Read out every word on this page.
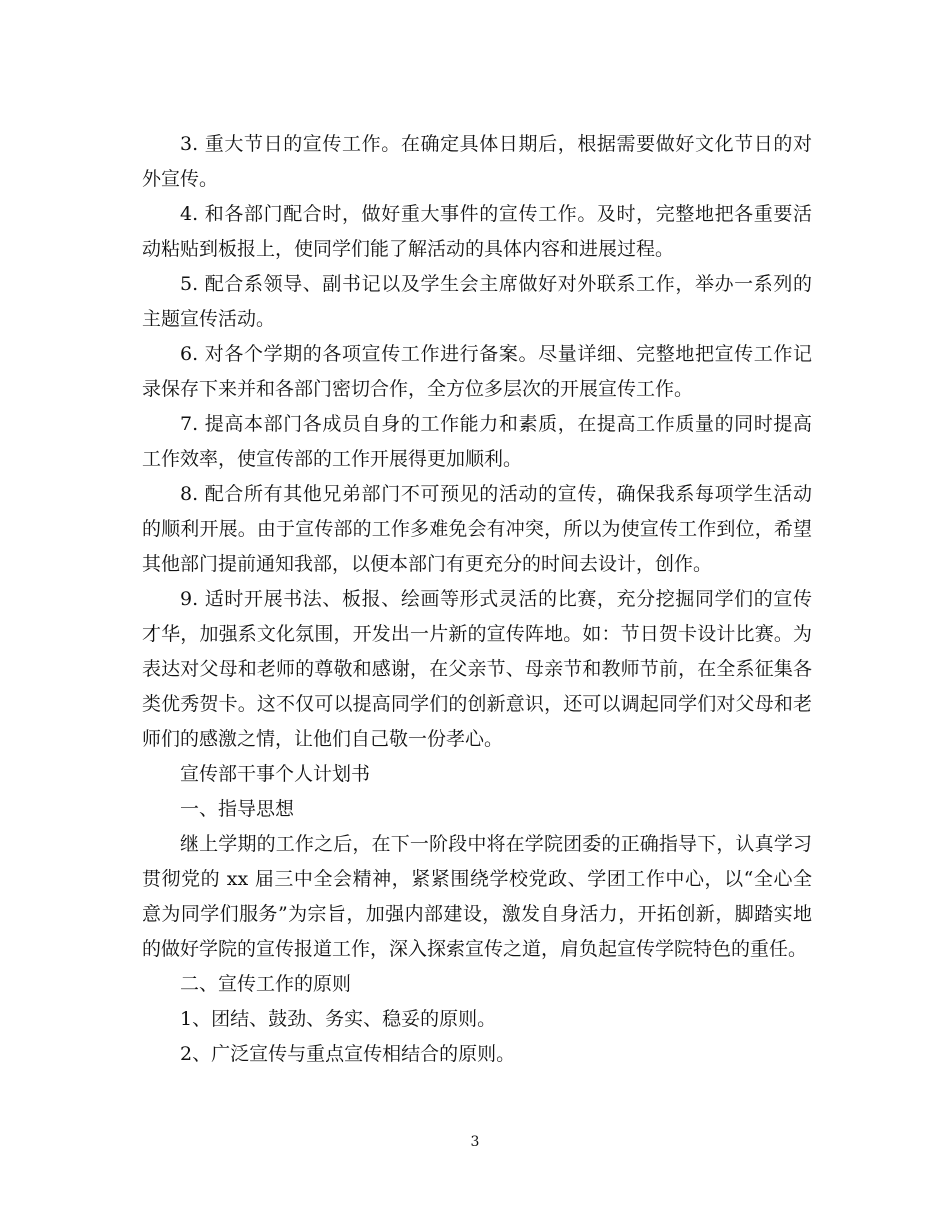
3. 重大节日的宣传工作。在确定具体日期后，根据需要做好文化节日的对外宣传。

4. 和各部门配合时，做好重大事件的宣传工作。及时，完整地把各重要活动粘贴到板报上，使同学们能了解活动的具体内容和进展过程。

5. 配合系领导、副书记以及学生会主席做好对外联系工作，举办一系列的主题宣传活动。

6. 对各个学期的各项宣传工作进行备案。尽量详细、完整地把宣传工作记录保存下来并和各部门密切合作，全方位多层次的开展宣传工作。

7. 提高本部门各成员自身的工作能力和素质，在提高工作质量的同时提高工作效率，使宣传部的工作开展得更加顺利。

8. 配合所有其他兄弟部门不可预见的活动的宣传，确保我系每项学生活动的顺利开展。由于宣传部的工作多难免会有冲突，所以为使宣传工作到位，希望其他部门提前通知我部，以便本部门有更充分的时间去设计，创作。

9. 适时开展书法、板报、绘画等形式灵活的比赛，充分挖掘同学们的宣传才华，加强系文化氛围，开发出一片新的宣传阵地。如：节日贺卡设计比赛。为表达对父母和老师的尊敬和感谢，在父亲节、母亲节和教师节前，在全系征集各类优秀贺卡。这不仅可以提高同学们的创新意识，还可以调起同学们对父母和老师们的感激之情，让他们自己敬一份孝心。

宣传部干事个人计划书

一、指导思想

继上学期的工作之后，在下一阶段中将在学院团委的正确指导下，认真学习贯彻党的 xx 届三中全会精神，紧紧围绕学校党政、学团工作中心，以“全心全意为同学们服务”为宗旨，加强内部建设，激发自身活力，开拓创新，脚踏实地的做好学院的宣传报道工作，深入探索宣传之道，肩负起宣传学院特色的重任。

二、宣传工作的原则

1、团结、鼓劲、务实、稳妥的原则。

2、广泛宣传与重点宣传相结合的原则。

3
